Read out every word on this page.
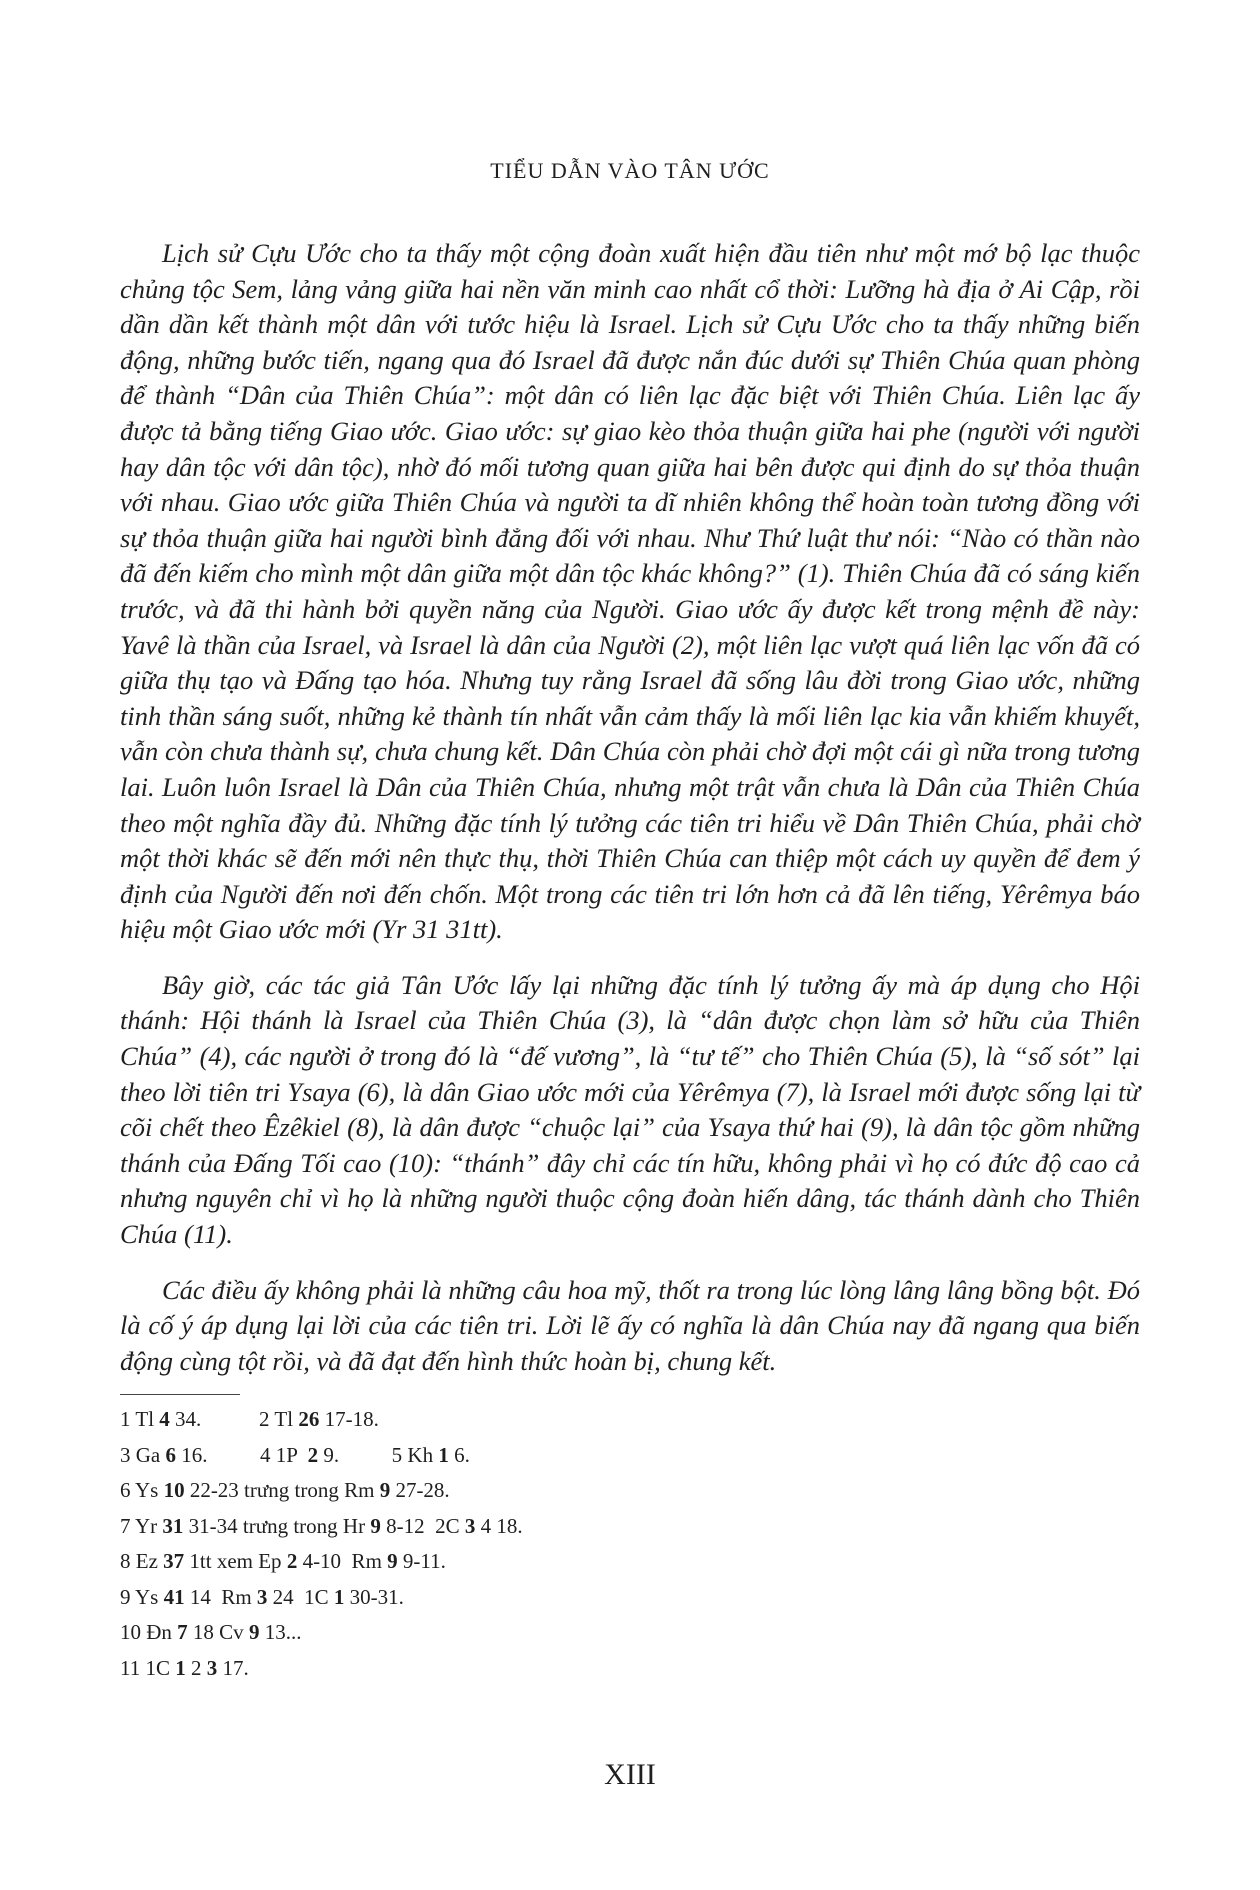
TIỂU DẪN VÀO TÂN ƯỚC

Lịch sử Cựu Ước cho ta thấy một cộng đoàn xuất hiện đầu tiên như một mớ bộ lạc thuộc chủng tộc Sem, lảng vảng giữa hai nền văn minh cao nhất cổ thời: Lưỡng hà địa ở Ai Cập, rồi dần dần kết thành một dân với tước hiệu là Israel. Lịch sử Cựu Ước cho ta thấy những biến động, những bước tiến, ngang qua đó Israel đã được nắn đúc dưới sự Thiên Chúa quan phòng để thành “Dân của Thiên Chúa”: một dân có liên lạc đặc biệt với Thiên Chúa. Liên lạc ấy được tả bằng tiếng Giao ước. Giao ước: sự giao kèo thỏa thuận giữa hai phe (người với người hay dân tộc với dân tộc), nhờ đó mối tương quan giữa hai bên được qui định do sự thỏa thuận với nhau. Giao ước giữa Thiên Chúa và người ta dĩ nhiên không thể hoàn toàn tương đồng với sự thỏa thuận giữa hai người bình đẳng đối với nhau. Như Thứ luật thư nói: “Nào có thần nào đã đến kiếm cho mình một dân giữa một dân tộc khác không?” (1). Thiên Chúa đã có sáng kiến trước, và đã thi hành bởi quyền năng của Người. Giao ước ấy được kết trong mệnh đề này: Yavê là thần của Israel, và Israel là dân của Người (2), một liên lạc vượt quá liên lạc vốn đã có giữa thụ tạo và Đấng tạo hóa. Nhưng tuy rằng Israel đã sống lâu đời trong Giao ước, những tinh thần sáng suốt, những kẻ thành tín nhất vẫn cảm thấy là mối liên lạc kia vẫn khiếm khuyết, vẫn còn chưa thành sự, chưa chung kết. Dân Chúa còn phải chờ đợi một cái gì nữa trong tương lai. Luôn luôn Israel là Dân của Thiên Chúa, nhưng một trật vẫn chưa là Dân của Thiên Chúa theo một nghĩa đầy đủ. Những đặc tính lý tưởng các tiên tri hiểu về Dân Thiên Chúa, phải chờ một thời khác sẽ đến mới nên thực thụ, thời Thiên Chúa can thiệp một cách uy quyền để đem ý định của Người đến nơi đến chốn. Một trong các tiên tri lớn hơn cả đã lên tiếng, Yêrêmya báo hiệu một Giao ước mới (Yr 31 31tt).

Bây giờ, các tác giả Tân Ước lấy lại những đặc tính lý tưởng ấy mà áp dụng cho Hội thánh: Hội thánh là Israel của Thiên Chúa (3), là “dân được chọn làm sở hữu của Thiên Chúa” (4), các người ở trong đó là “đế vương”, là “tư tế” cho Thiên Chúa (5), là “số sót” lại theo lời tiên tri Ysaya (6), là dân Giao ước mới của Yêrêmya (7), là Israel mới được sống lại từ cõi chết theo Êzêkiel (8), là dân được “chuộc lại” của Ysaya thứ hai (9), là dân tộc gồm những thánh của Đấng Tối cao (10): “thánh” đây chỉ các tín hữu, không phải vì họ có đức độ cao cả nhưng nguyên chỉ vì họ là những người thuộc cộng đoàn hiến dâng, tác thánh dành cho Thiên Chúa (11).

Các điều ấy không phải là những câu hoa mỹ, thốt ra trong lúc lòng lâng lâng bồng bột. Đó là cố ý áp dụng lại lời của các tiên tri. Lời lẽ ấy có nghĩa là dân Chúa nay đã ngang qua biến động cùng tột rồi, và đã đạt đến hình thức hoàn bị, chung kết.

1 Tl 4 34.           2 Tl 26 17-18.
3 Ga 6 16.          4 1P  2 9.          5 Kh 1 6.
6 Ys 10 22-23 trưng trong Rm 9 27-28.
7 Yr 31 31-34 trưng trong Hr 9 8-12  2C 3 4 18.
8 Ez 37 1tt xem Ep 2 4-10  Rm 9 9-11.
9 Ys 41 14  Rm 3 24  1C 1 30-31.
10 Đn 7 18 Cv 9 13...
11 1C 1 2 3 17.
XIII
